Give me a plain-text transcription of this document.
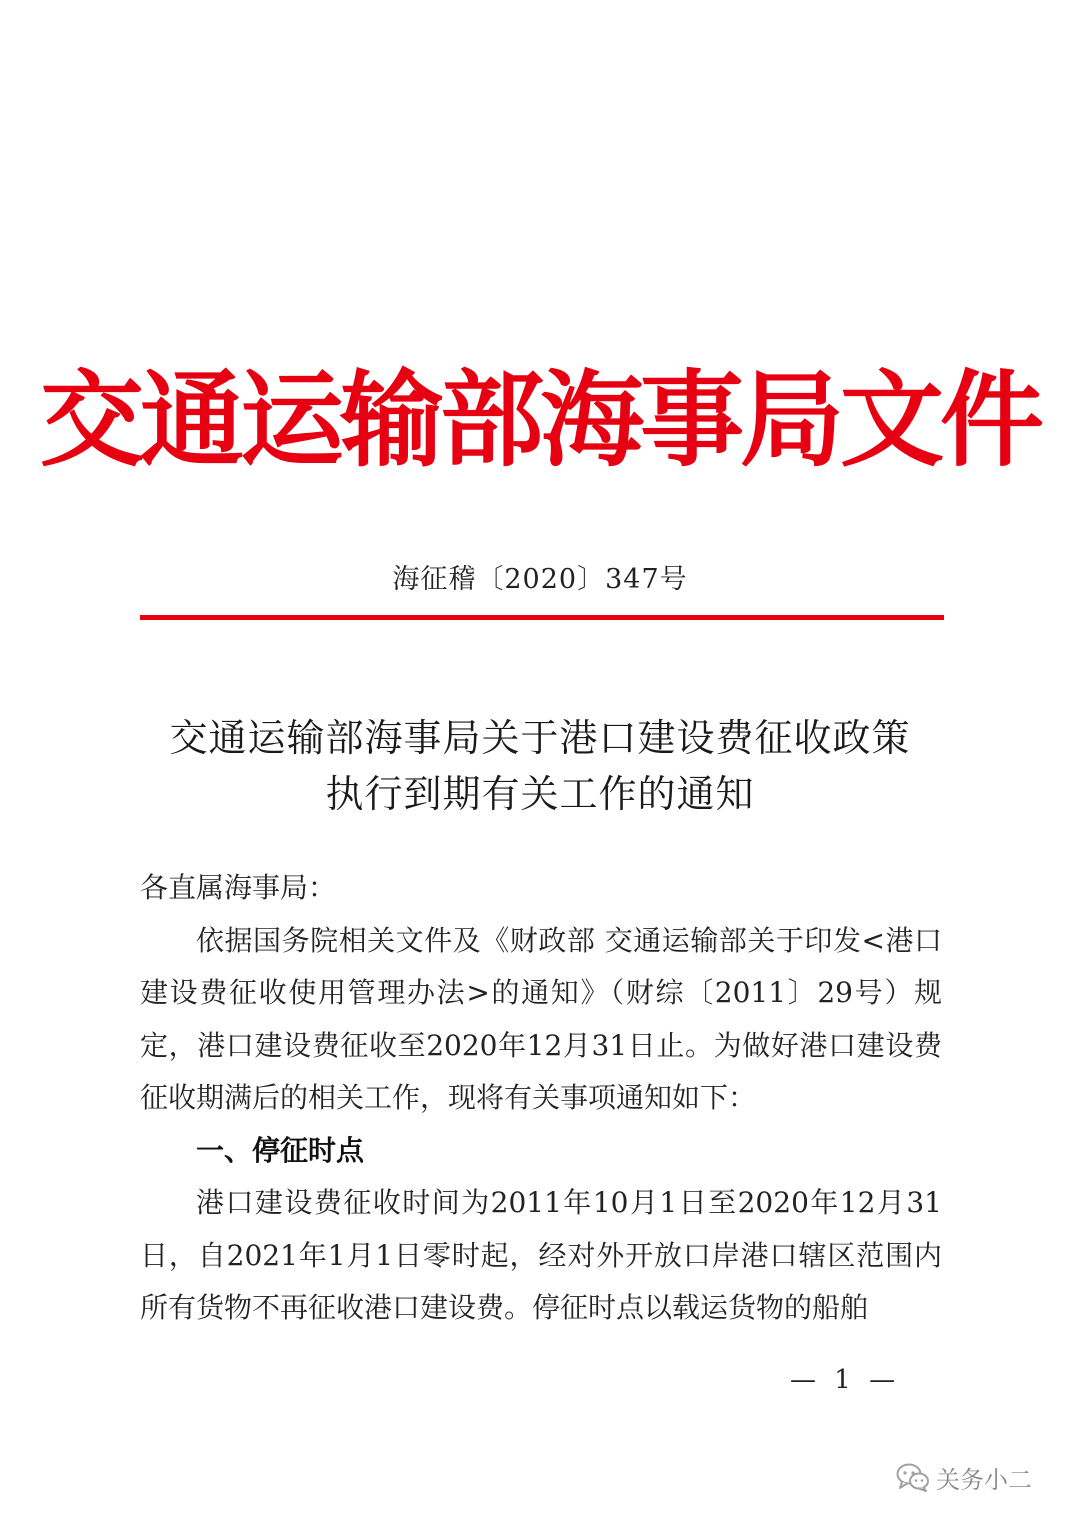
交通运输部海事局文件
海征稽〔2020〕347号
交通运输部海事局关于港口建设费征收政策
执行到期有关工作的通知

各直属海事局：

依据国务院相关文件及《财政部 交通运输部关于印发<港口建设费征收使用管理办法>的通知》（财综〔2011〕29号）规定，港口建设费征收至2020年12月31日止。为做好港口建设费征收期满后的相关工作，现将有关事项通知如下：

一、停征时点

港口建设费征收时间为2011年10月1日至2020年12月31日，自2021年1月1日零时起，经对外开放口岸港口辖区范围内所有货物不再征收港口建设费。停征时点以载运货物的船舶

— 1 —
关务小二
